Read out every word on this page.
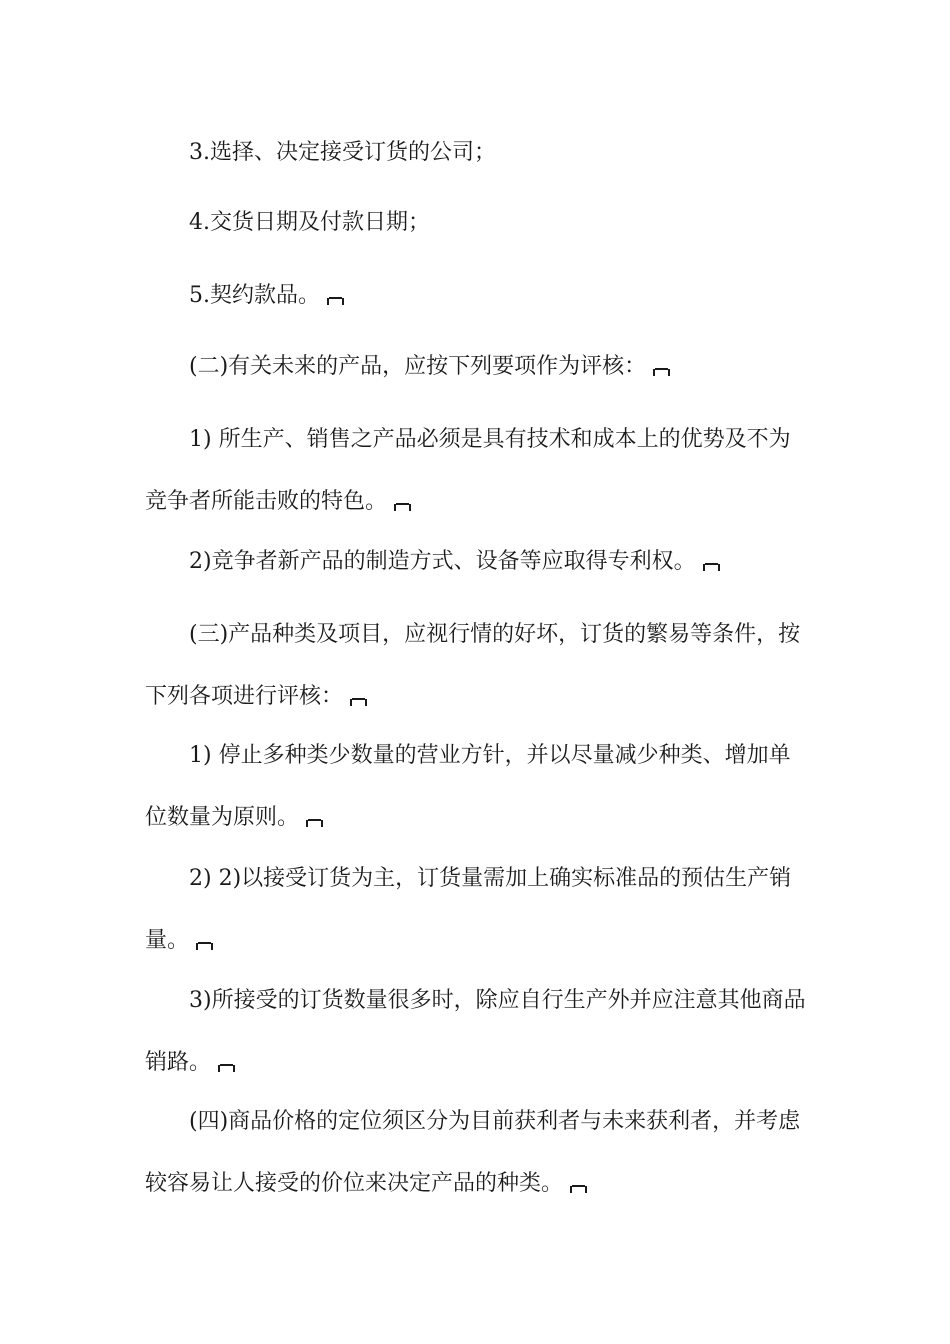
3.选择、决定接受订货的公司；

4.交货日期及付款日期；

5.契约款品。

(二)有关未来的产品，应按下列要项作为评核：

1) 所生产、销售之产品必须是具有技术和成本上的优势及不为竞争者所能击败的特色。

2)竞争者新产品的制造方式、设备等应取得专利权。

(三)产品种类及项目，应视行情的好坏，订货的繁易等条件，按下列各项进行评核：

1) 停止多种类少数量的营业方针，并以尽量减少种类、增加单位数量为原则。

2) 2)以接受订货为主，订货量需加上确实标准品的预估生产销量。

3)所接受的订货数量很多时，除应自行生产外并应注意其他商品销路。

(四)商品价格的定位须区分为目前获利者与未来获利者，并考虑较容易让人接受的价位来决定产品的种类。
